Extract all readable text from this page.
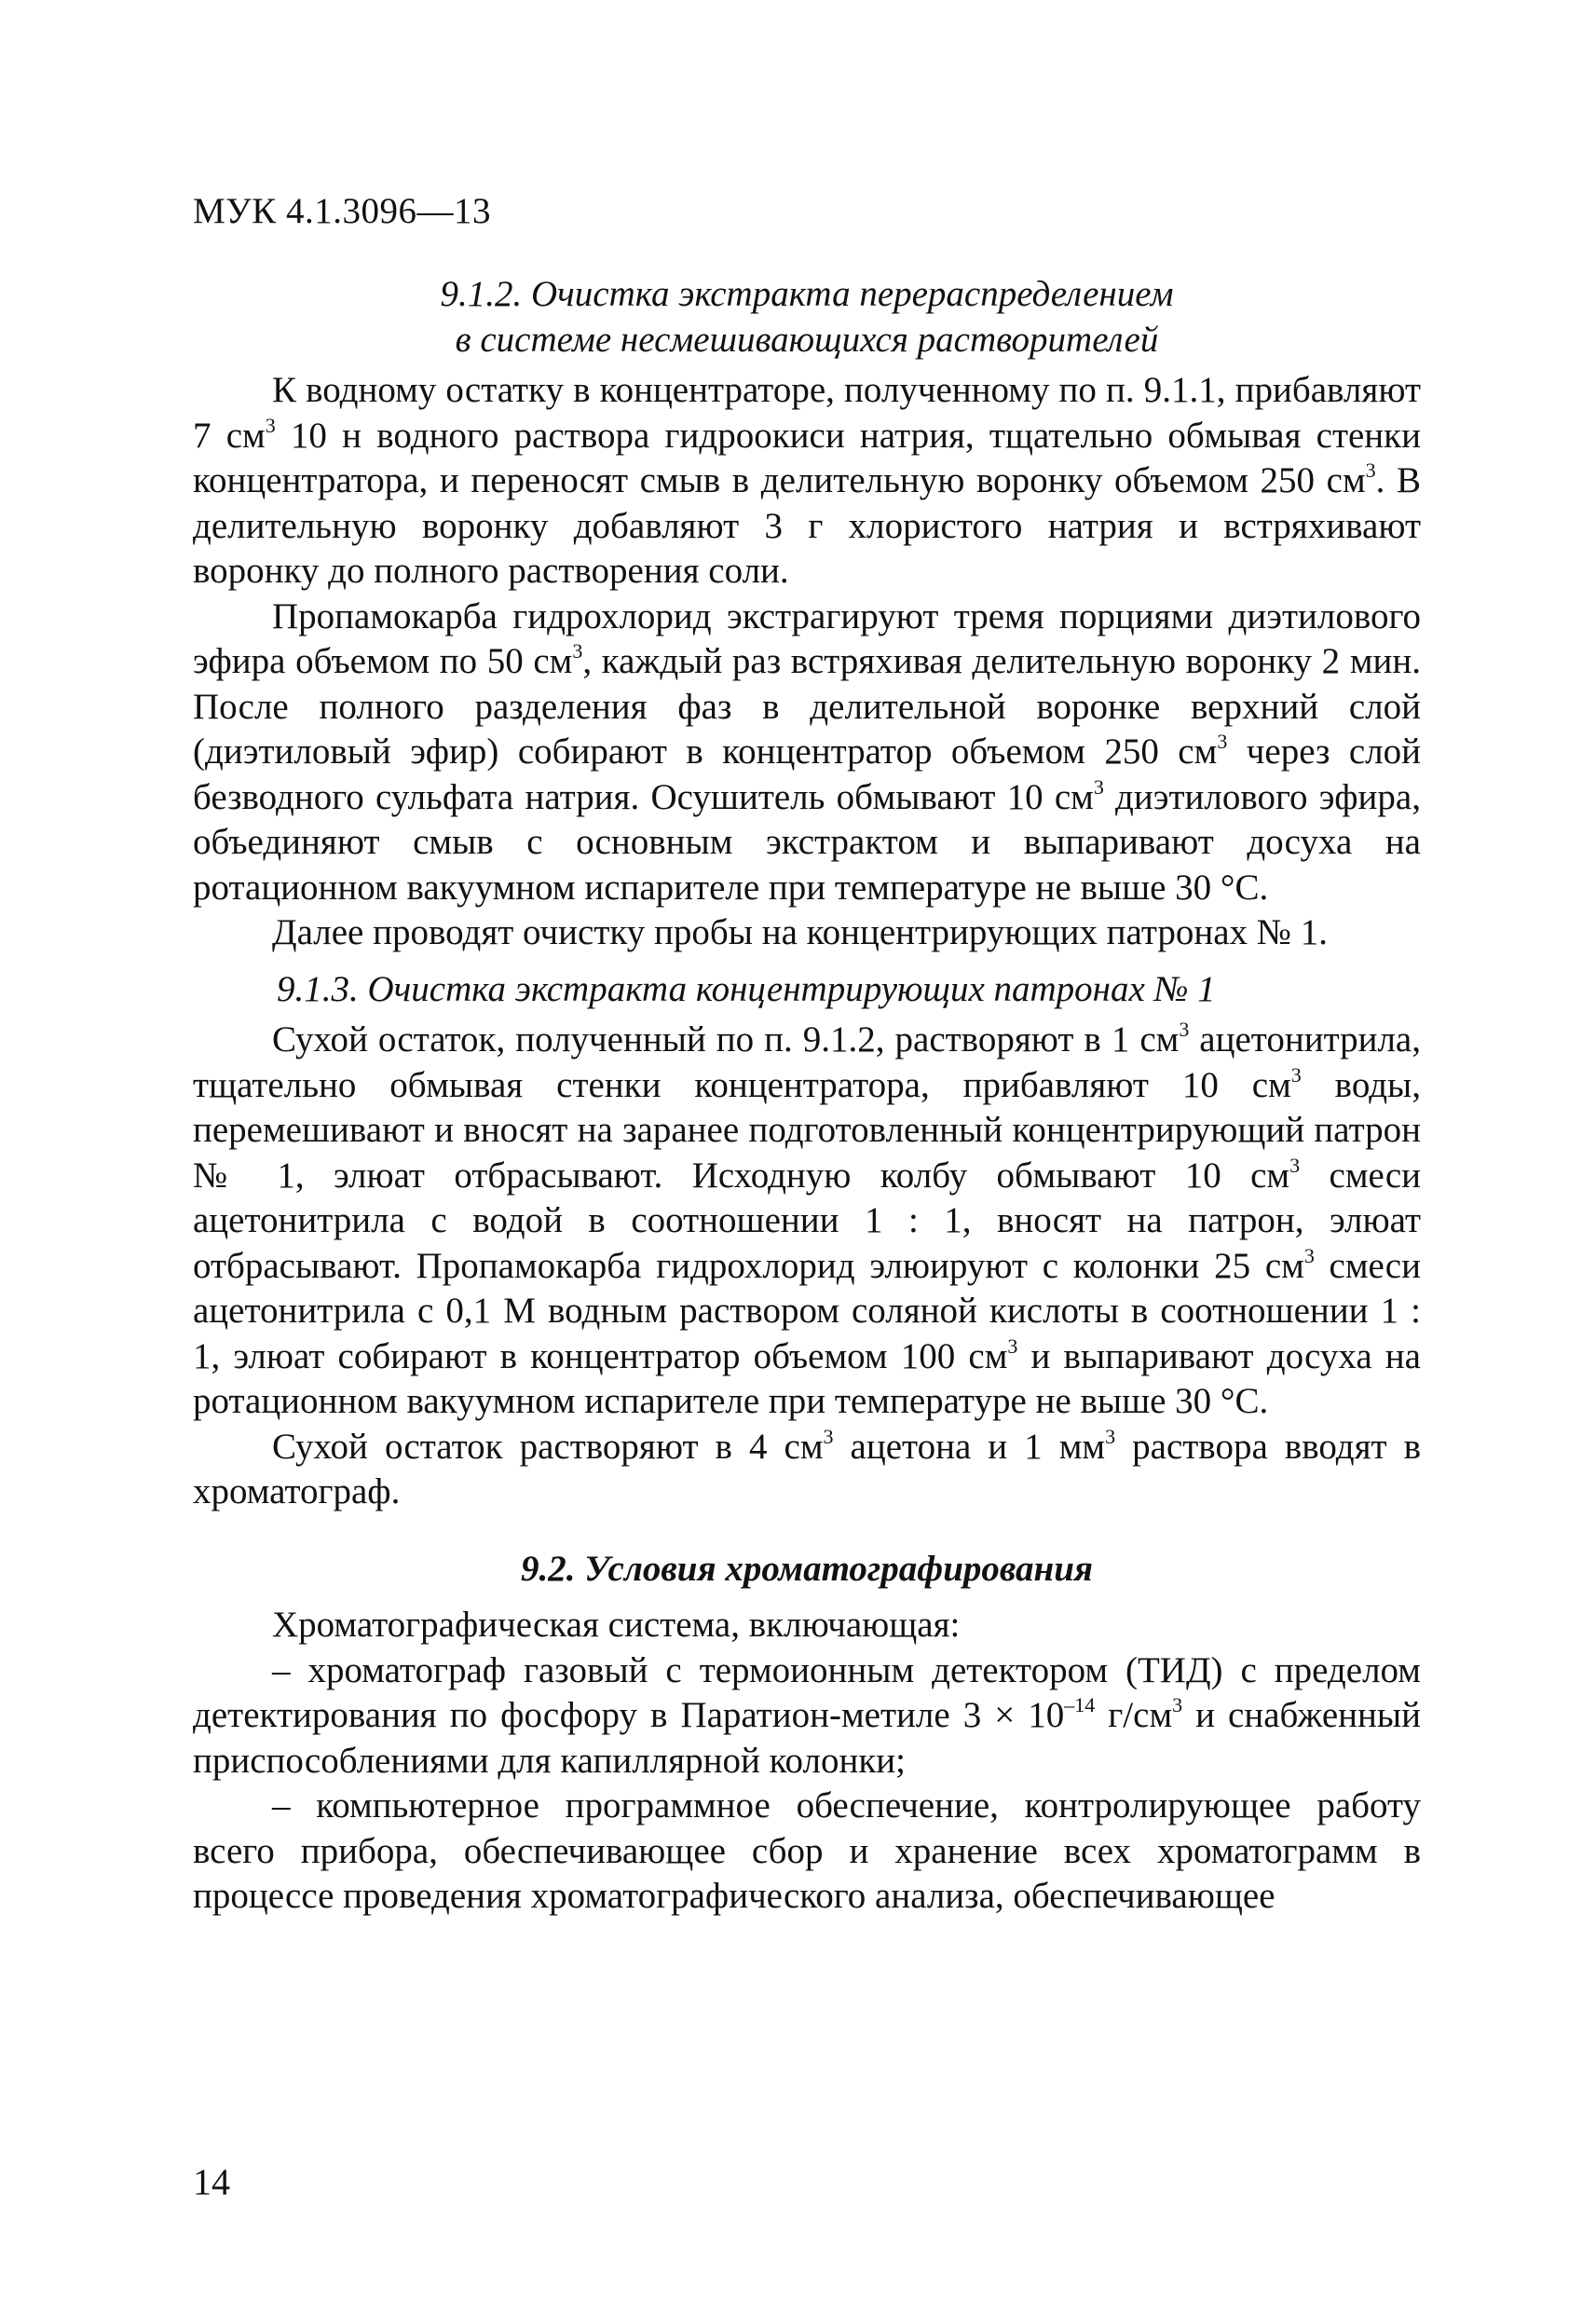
МУК 4.1.3096—13

9.1.2. Очистка экстракта перераспределением

в системе несмешивающихся растворителей

К водному остатку в концентраторе, полученному по п. 9.1.1, прибавляют 7 $см^3$ 10 н водного раствора гидроокиси натрия, тщательно обмывая стенки концентратора, и переносят смыв в делительную воронку объемом 250 $см^3$. В делительную воронку добавляют 3 г хлористого натрия и встряхивают воронку до полного растворения соли.

Пропамокарба гидрохлорид экстрагируют тремя порциями диэтилового эфира объемом по 50 $см^3$, каждый раз встряхивая делительную воронку 2 мин. После полного разделения фаз в делительной воронке верхний слой (диэтиловый эфир) собирают в концентратор объемом 250 $см^3$ через слой безводного сульфата натрия. Осушитель обмывают 10 $см^3$ диэтилового эфира, объединяют смыв с основным экстрактом и выпаривают досуха на ротационном вакуумном испарителе при температуре не выше 30 °С.

Далее проводят очистку пробы на концентрирующих патронах № 1.

9.1.3. Очистка экстракта концентрирующих патронах № 1

Сухой остаток, полученный по п. 9.1.2, растворяют в 1 $см^3$ ацетонитрила, тщательно обмывая стенки концентратора, прибавляют 10 $см^3$ воды, перемешивают и вносят на заранее подготовленный концентрирующий патрон № 1, элюат отбрасывают. Исходную колбу обмывают 10 $см^3$ смеси ацетонитрила с водой в соотношении 1 : 1, вносят на патрон, элюат отбрасывают. Пропамокарба гидрохлорид элюируют с колонки 25 $см^3$ смеси ацетонитрила с 0,1 М водным раствором соляной кислоты в соотношении 1 : 1, элюат собирают в концентратор объемом 100 $см^3$ и выпаривают досуха на ротационном вакуумном испарителе при температуре не выше 30 °С.

Сухой остаток растворяют в 4 $см^3$ ацетона и 1 $мм^3$ раствора вводят в хроматограф.

9.2. Условия хроматографирования

Хроматографическая система, включающая:

– хроматограф газовый с термоионным детектором (ТИД) с пределом детектирования по фосфору в Паратион-метиле $3 \times 10^{-14}$ $г/см^3$ и снабженный приспособлениями для капиллярной колонки;

– компьютерное программное обеспечение, контролирующее работу всего прибора, обеспечивающее сбор и хранение всех хроматограмм в процессе проведения хроматографического анализа, обеспечивающее

14
